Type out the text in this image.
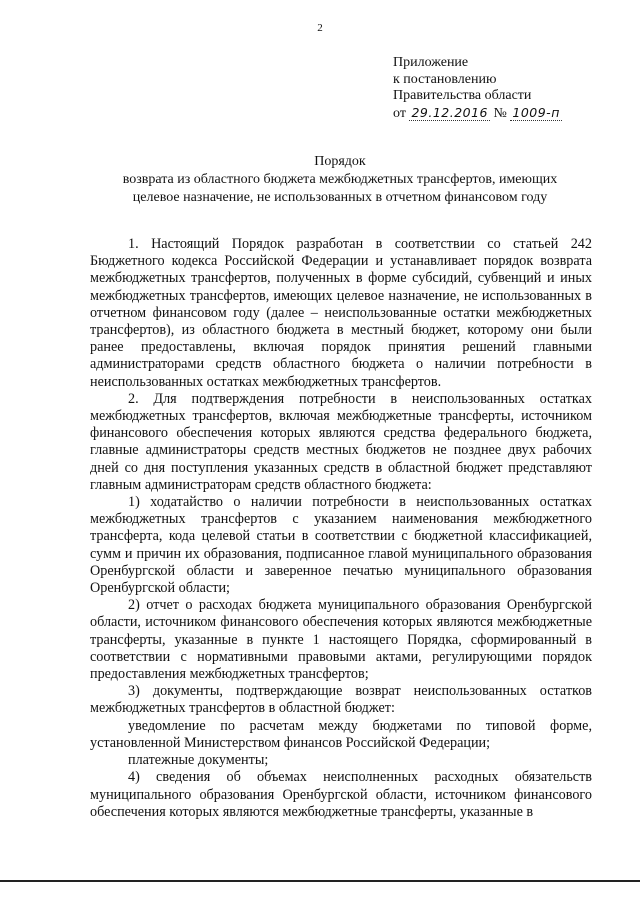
2
Приложение
к постановлению
Правительства области
от 29.12.2016 № 1009-п
Порядок
возврата из областного бюджета межбюджетных трансфертов, имеющих
целевое назначение, не использованных в отчетном финансовом году

1. Настоящий Порядок разработан в соответствии со статьей 242 Бюджетного кодекса Российской Федерации и устанавливает порядок возврата межбюджетных трансфертов, полученных в форме субсидий, субвенций и иных межбюджетных трансфертов, имеющих целевое назначение, не использованных в отчетном финансовом году (далее – неиспользованные остатки межбюджетных трансфертов), из областного бюджета в местный бюджет, которому они были ранее предоставлены, включая порядок принятия решений главными администраторами средств областного бюджета о наличии потребности в неиспользованных остатках межбюджетных трансфертов.

2. Для подтверждения потребности в неиспользованных остатках межбюджетных трансфертов, включая межбюджетные трансферты, источником финансового обеспечения которых являются средства федерального бюджета, главные администраторы средств местных бюджетов не позднее двух рабочих дней со дня поступления указанных средств в областной бюджет представляют главным администраторам средств областного бюджета:

1) ходатайство о наличии потребности в неиспользованных остатках межбюджетных трансфертов с указанием наименования межбюджетного трансферта, кода целевой статьи в соответствии с бюджетной классификацией, сумм и причин их образования, подписанное главой муниципального образования Оренбургской области и заверенное печатью муниципального образования Оренбургской области;

2) отчет о расходах бюджета муниципального образования Оренбургской области, источником финансового обеспечения которых являются межбюджетные трансферты, указанные в пункте 1 настоящего Порядка, сформированный в соответствии с нормативными правовыми актами, регулирующими порядок предоставления межбюджетных трансфертов;

3) документы, подтверждающие возврат неиспользованных остатков межбюджетных трансфертов в областной бюджет:

уведомление по расчетам между бюджетами по типовой форме, установленной Министерством финансов Российской Федерации;

платежные документы;

4) сведения об объемах неисполненных расходных обязательств муниципального образования Оренбургской области, источником финансового обеспечения которых являются межбюджетные трансферты, указанные в
